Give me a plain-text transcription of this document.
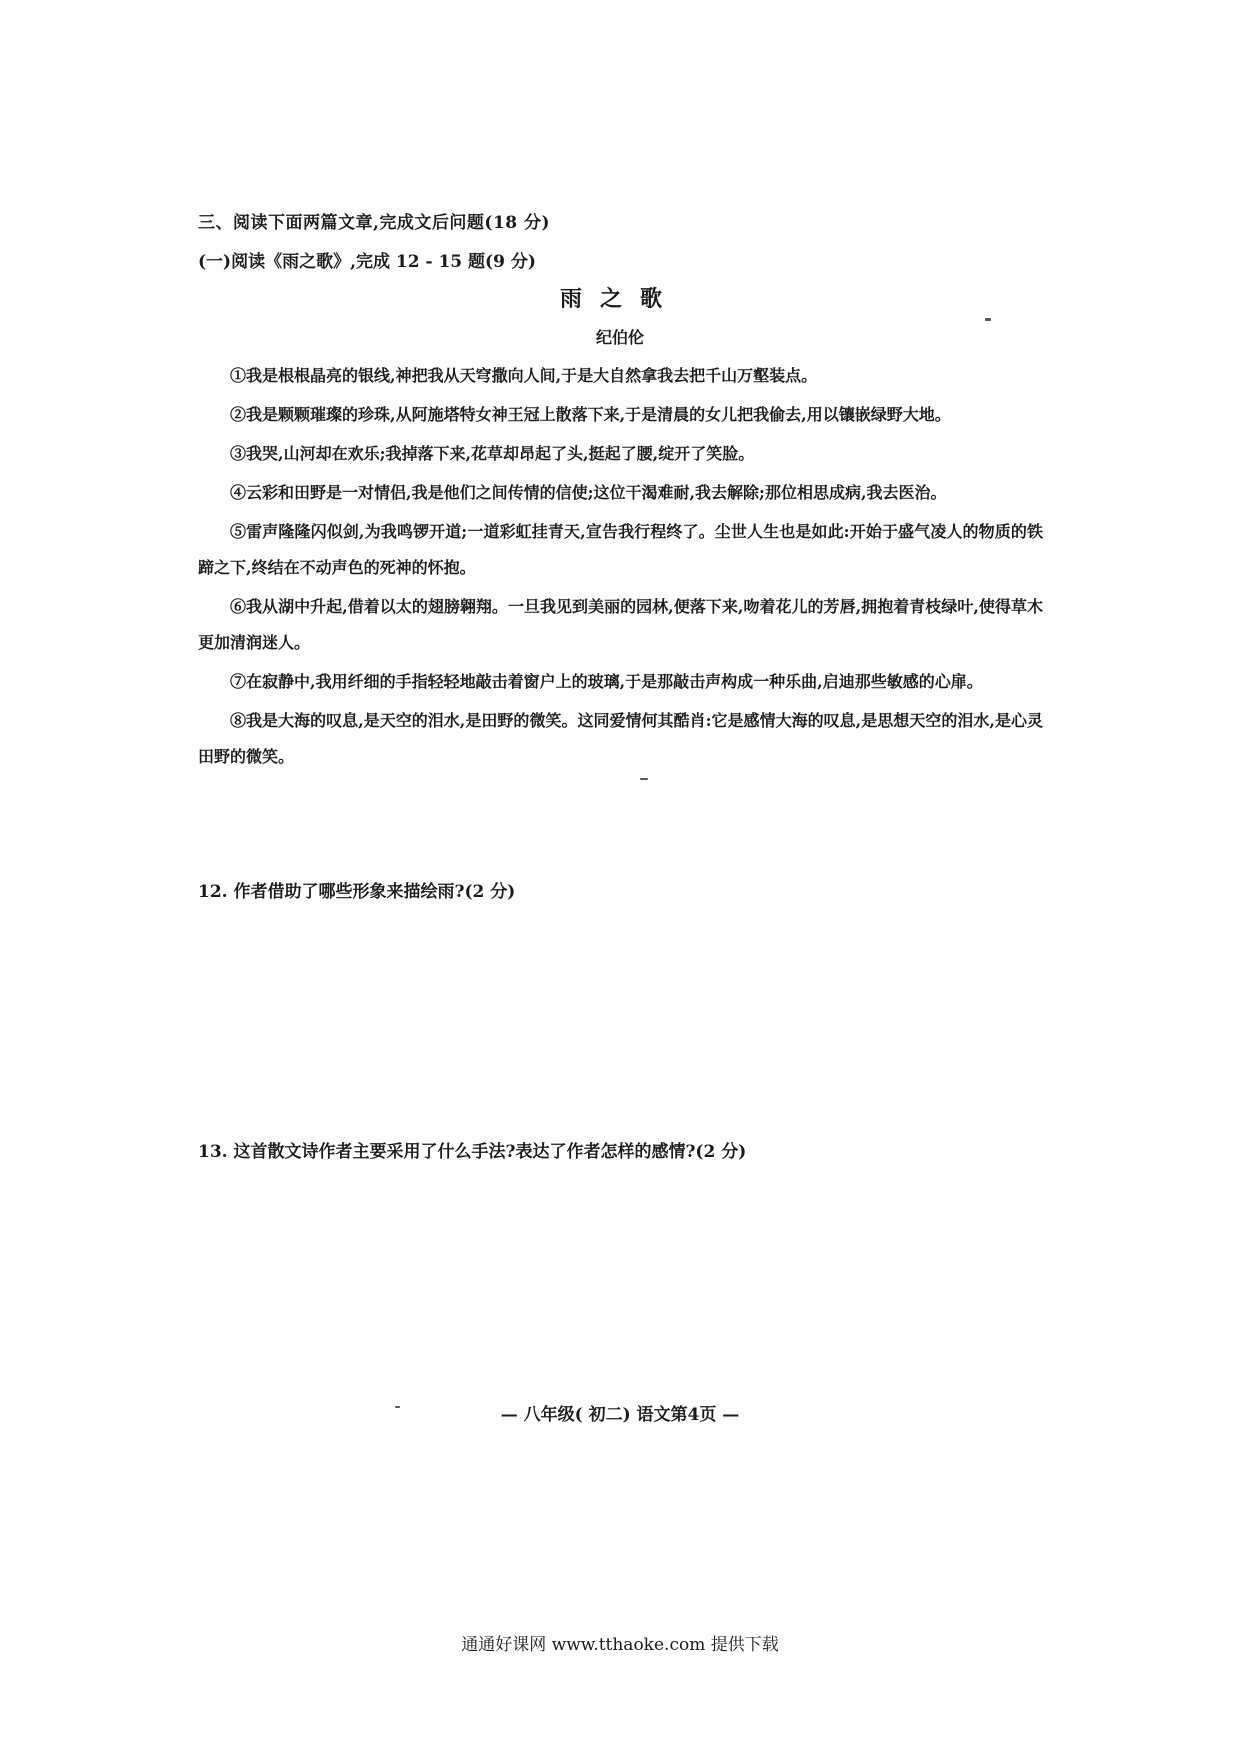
三、阅读下面两篇文章,完成文后问题(18 分)
(一)阅读《雨之歌》,完成 12 - 15 题(9 分)
雨之歌
纪伯伦

①我是根根晶亮的银线,神把我从天穹撒向人间,于是大自然拿我去把千山万壑装点。

②我是颗颗璀璨的珍珠,从阿施塔特女神王冠上散落下来,于是清晨的女儿把我偷去,用以镶嵌绿野大地。

③我哭,山河却在欢乐;我掉落下来,花草却昂起了头,挺起了腰,绽开了笑脸。

④云彩和田野是一对情侣,我是他们之间传情的信使;这位干渴难耐,我去解除;那位相思成病,我去医治。

⑤雷声隆隆闪似剑,为我鸣锣开道;一道彩虹挂青天,宣告我行程终了。尘世人生也是如此:开始于盛气凌人的物质的铁蹄之下,终结在不动声色的死神的怀抱。

⑥我从湖中升起,借着以太的翅膀翱翔。一旦我见到美丽的园林,便落下来,吻着花儿的芳唇,拥抱着青枝绿叶,使得草木更加清润迷人。

⑦在寂静中,我用纤细的手指轻轻地敲击着窗户上的玻璃,于是那敲击声构成一种乐曲,启迪那些敏感的心扉。

⑧我是大海的叹息,是天空的泪水,是田野的微笑。这同爱情何其酷肖:它是感情大海的叹息,是思想天空的泪水,是心灵田野的微笑。

12. 作者借助了哪些形象来描绘雨?(2 分)
13. 这首散文诗作者主要采用了什么手法?表达了作者怎样的感情?(2 分)
— 八年级( 初二) 语文第4页 —
通通好课网 www.tthaoke.com 提供下载
